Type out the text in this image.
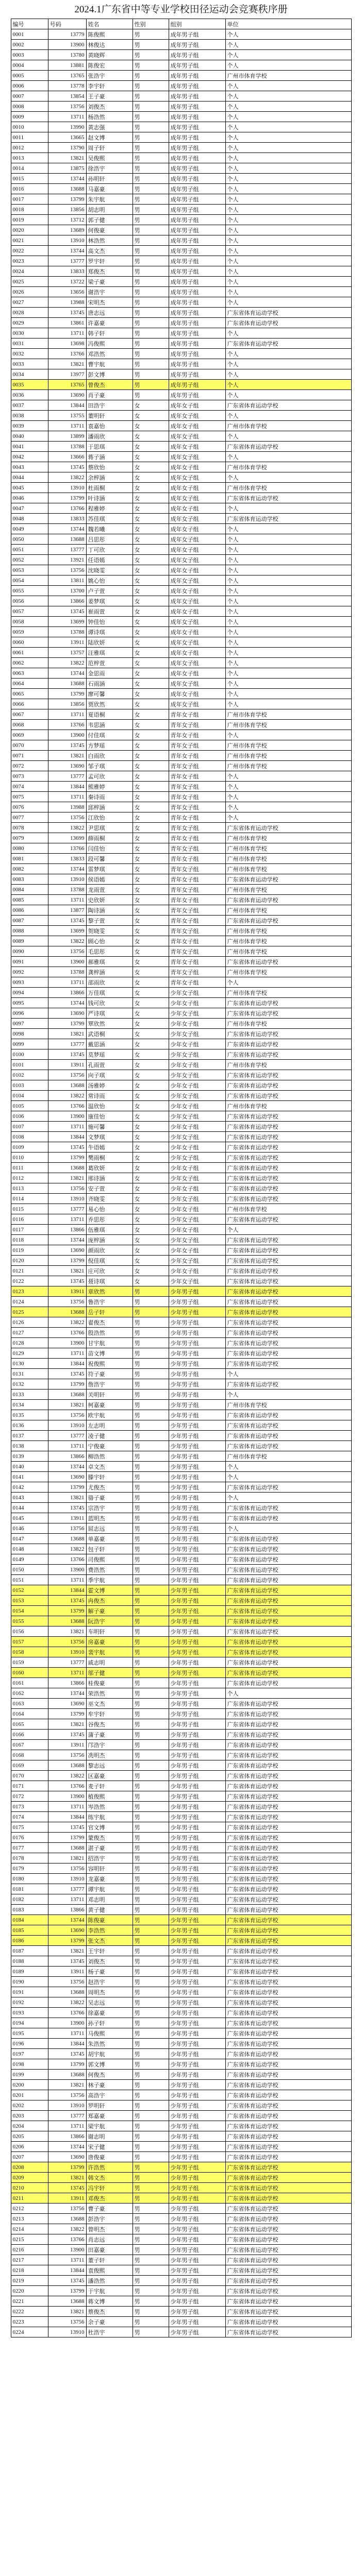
2024.1广东省中等专业学校田径运动会竞赛秩序册
编号	号码	姓名	性别	组别	单位
0001	13779	陈俊熙	男	成年男子组	个人
0002	13900	林俊达	男	成年男子组	个人
0003	13780	黄晓辉	男	成年男子组	个人
0004	13881	陈俊宏	男	成年男子组	个人
0005	13765	张浩宇	男	成年男子组	广州市体育学校
0006	13778	李宇轩	男	成年男子组	个人
0007	13854	王子豪	男	成年男子组	个人
0008	13756	刘俊杰	男	成年男子组	个人
0009	13711	杨浩然	男	成年男子组	个人
0010	13990	黄志强	男	成年男子组	个人
0011	13665	赵文博	男	成年男子组	个人
0012	13790	周子轩	男	成年男子组	个人
0013	13821	吴俊熙	男	成年男子组	个人
0014	13875	徐浩宇	男	成年男子组	个人
0015	13744	孙明轩	男	成年男子组	个人
0016	13688	马嘉豪	男	成年男子组	个人
0017	13799	朱宇航	男	成年男子组	个人
0018	13856	胡志明	男	成年男子组	个人
0019	13712	郭子健	男	成年男子组	个人
0020	13689	何俊豪	男	成年男子组	个人
0021	13910	林浩然	男	成年男子组	个人
0022	13744	高文杰	男	成年男子组	个人
0023	13777	罗宇轩	男	成年男子组	个人
0024	13833	郑俊杰	男	成年男子组	个人
0025	13722	梁子豪	男	成年男子组	个人
0026	13656	谢浩宇	男	成年男子组	个人
0027	13988	宋明杰	男	成年男子组	个人
0028	13745	唐志远	男	成年男子组	广东省体育运动学校
0029	13861	许嘉豪	男	成年男子组	广东省体育运动学校
0030	13711	韩子轩	男	成年男子组	个人
0031	13698	冯俊熙	男	成年男子组	广东省体育运动学校
0032	13766	邓浩然	男	成年男子组	个人
0033	13821	曹宇航	男	成年男子组	个人
0034	13977	彭文博	男	成年男子组	个人
0035	13765	曾俊杰	男	成年男子组	个人
0036	13690	肖子豪	男	成年男子组	个人
0037	13844	田浩宇	女	成年女子组	广东省体育运动学校
0038	13755	董明轩	女	成年女子组	个人
0039	13711	袁嘉怡	女	成年女子组	广州市体育学校
0040	13899	潘雨欣	女	成年女子组	个人
0041	13788	于思琪	女	成年女子组	广东省体育运动学校
0042	13666	蒋子涵	女	成年女子组	个人
0043	13745	蔡欣怡	女	成年女子组	广州市体育学校
0044	13822	余梓涵	女	成年女子组	个人
0045	13910	杜雨桐	女	成年女子组	广州市体育学校
0046	13799	叶诗涵	女	成年女子组	广东省体育运动学校
0047	13766	程雅婷	女	成年女子组	个人
0048	13833	苏佳琪	女	成年女子组	广东省体育运动学校
0049	13744	魏若曦	女	成年女子组	个人
0050	13688	吕思彤	女	成年女子组	个人
0051	13777	丁可欣	女	成年女子组	个人
0052	13921	任语嫣	女	成年女子组	个人
0053	13756	沈晓雯	女	成年女子组	个人
0054	13811	姚心怡	女	成年女子组	个人
0055	13700	卢子萱	女	成年女子组	个人
0056	13866	姜梦琪	女	成年女子组	个人
0057	13745	崔雨萱	女	成年女子组	个人
0058	13699	钟佳怡	女	成年女子组	个人
0059	13788	谭诗琪	女	成年女子组	个人
0060	13911	陆欣妍	女	成年女子组	个人
0061	13757	汪雅琪	女	成年女子组	个人
0062	13822	范梓萱	女	成年女子组	个人
0063	13744	金思雨	女	成年女子组	个人
0064	13688	石雨涵	女	成年女子组	个人
0065	13799	廖可馨	女	成年女子组	个人
0066	13856	贾欣然	女	成年女子组	个人
0067	13711	夏语桐	女	青年女子组	广州市体育学校
0068	13766	韦思涵	女	青年女子组	广州市体育学校
0069	13900	付佳琪	女	青年女子组	个人
0070	13745	方梦瑶	女	青年女子组	广州市体育学校
0071	13821	白雨欣	女	青年女子组	广州市体育学校
0072	13690	邹子琪	女	青年女子组	广州市体育学校
0073	13777	孟可欣	女	青年女子组	个人
0074	13844	熊雅婷	女	青年女子组	个人
0075	13711	秦诗雨	女	青年女子组	个人
0076	13988	邱梓涵	女	青年女子组	个人
0077	13756	江欣怡	女	青年女子组	个人
0078	13822	尹思琪	女	青年女子组	广东省体育运动学校
0079	13699	薛雨桐	女	青年女子组	广州市体育学校
0080	13766	闫佳怡	女	青年女子组	广州市体育学校
0081	13833	段可馨	女	青年女子组	广州市体育学校
0082	13744	雷梦琪	女	青年女子组	广州市体育学校
0083	13910	侯语嫣	女	青年女子组	广东省体育运动学校
0084	13788	龙雨萱	女	青年女子组	广州市体育学校
0085	13711	史欣妍	女	青年女子组	广东省体育运动学校
0086	13877	陶诗涵	女	青年女子组	广州市体育学校
0087	13745	黎子萱	女	青年女子组	广东省体育运动学校
0088	13699	贺晓雯	女	青年女子组	广州市体育学校
0089	13822	顾心怡	女	青年女子组	广州市体育学校
0090	13756	毛思彤	女	青年女子组	广州市体育学校
0091	13900	郝雅琪	女	青年女子组	广东省体育运动学校
0092	13788	龚梓涵	女	青年女子组	广州市体育学校
0093	13711	邵雨欣	女	青年女子组	个人
0094	13866	万佳琪	女	少年女子组	广州市体育学校
0095	13744	钱可欣	女	少年女子组	广东省体育运动学校
0096	13690	严诗琪	女	少年女子组	广东省体育运动学校
0097	13799	覃欣然	女	少年女子组	广州市体育学校
0098	13821	武语桐	女	少年女子组	广东省体育运动学校
0099	13777	戴思涵	女	少年女子组	广东省体育运动学校
0100	13745	莫梦瑶	女	少年女子组	广东省体育运动学校
0101	13911	孔雨萱	女	少年女子组	广州市体育学校
0102	13756	向子琪	女	少年女子组	广东省体育运动学校
0103	13688	汤雅婷	女	少年女子组	广东省体育运动学校
0104	13822	常诗雨	女	少年女子组	广东省体育运动学校
0105	13766	温欣怡	女	少年女子组	广州市体育学校
0106	13900	康佳怡	女	少年女子组	广东省体育运动学校
0107	13711	施可馨	女	少年女子组	广东省体育运动学校
0108	13844	文梦琪	女	少年女子组	广东省体育运动学校
0109	13745	牛语嫣	女	少年女子组	广东省体育运动学校
0110	13799	樊雨桐	女	少年女子组	广东省体育运动学校
0111	13688	葛欣妍	女	少年女子组	广东省体育运动学校
0112	13821	邢诗涵	女	少年女子组	广东省体育运动学校
0113	13756	安子萱	女	少年女子组	广东省体育运动学校
0114	13910	齐晓雯	女	少年女子组	广东省体育运动学校
0115	13777	易心怡	女	少年女子组	广州市体育学校
0116	13711	乔思彤	女	少年女子组	广东省体育运动学校
0117	13866	伍雅琪	女	少年女子组	个人
0118	13744	庞梓涵	女	少年女子组	广东省体育运动学校
0119	13690	颜雨欣	女	少年女子组	广东省体育运动学校
0120	13799	倪佳琪	女	少年女子组	广东省体育运动学校
0121	13821	庄可欣	女	少年女子组	广东省体育运动学校
0122	13745	聂诗琪	女	少年女子组	广东省体育运动学校
0123	13911	章欣然	男	少年男子组	广东省体育运动学校
0124	13756	鲁浩宇	男	少年男子组	广东省体育运动学校
0125	13688	岳子轩	男	少年男子组	广东省体育运动学校
0126	13822	翟俊杰	男	少年男子组	广东省体育运动学校
0127	13766	殷浩然	男	少年男子组	广东省体育运动学校
0128	13900	甘宇航	男	少年男子组	广东省体育运动学校
0129	13711	苗文博	男	少年男子组	广东省体育运动学校
0130	13844	祝俊熙	男	少年男子组	广东省体育运动学校
0131	13745	符子豪	男	少年男子组	个人
0132	13799	詹浩宇	男	少年男子组	广东省体育运动学校
0133	13688	关明轩	男	少年男子组	个人
0134	13821	柯嘉豪	男	少年男子组	广州市体育学校
0135	13756	欧宇航	男	少年男子组	广东省体育运动学校
0136	13910	左志明	男	少年男子组	广东省体育运动学校
0137	13777	凌子健	男	少年男子组	广东省体育运动学校
0138	13711	宁俊豪	男	少年男子组	广东省体育运动学校
0139	13866	柳浩然	男	少年男子组	广州市体育学校
0140	13744	卓文杰	男	少年男子组	个人
0141	13690	滕宇轩	男	少年男子组	个人
0142	13799	尤俊杰	男	少年男子组	广东省体育运动学校
0143	13821	骆子豪	男	少年男子组	个人
0144	13745	宗浩宇	男	少年男子组	广东省体育运动学校
0145	13911	蓝明杰	男	少年男子组	广东省体育运动学校
0146	13756	屈志远	男	少年男子组	个人
0147	13688	单嘉豪	男	少年男子组	广东省体育运动学校
0148	13822	包子轩	男	少年男子组	广东省体育运动学校
0149	13766	司俊熙	男	少年男子组	广东省体育运动学校
0150	13900	费浩然	男	少年男子组	广东省体育运动学校
0151	13711	季宇航	男	少年男子组	广东省体育运动学校
0152	13844	霍文博	男	少年男子组	广东省体育运动学校
0153	13745	冉俊杰	男	少年男子组	广东省体育运动学校
0154	13799	解子豪	男	少年男子组	广东省体育运动学校
0155	13688	阮浩宇	男	少年男子组	广东省体育运动学校
0156	13821	车明轩	男	少年男子组	广东省体育运动学校
0157	13756	房嘉豪	男	少年男子组	广东省体育运动学校
0158	13910	裴宇航	男	少年男子组	广东省体育运动学校
0159	13777	戚志明	男	少年男子组	广东省体育运动学校
0160	13711	邬子健	男	少年男子组	广东省体育运动学校
0161	13866	桂俊豪	男	少年男子组	广东省体育运动学校
0162	13744	荣浩然	男	少年男子组	个人
0163	13690	巫文杰	男	少年男子组	广东省体育运动学校
0164	13799	牟宇轩	男	少年男子组	广东省体育运动学校
0165	13821	谷俊杰	男	少年男子组	广东省体育运动学校
0166	13745	蒲子豪	男	少年男子组	广东省体育运动学校
0167	13911	邝浩宇	男	少年男子组	广东省体育运动学校
0168	13756	冼明杰	男	少年男子组	广东省体育运动学校
0169	13688	黎志远	男	少年男子组	广东省体育运动学校
0170	13822	区嘉豪	男	少年男子组	广东省体育运动学校
0171	13766	麦子轩	男	少年男子组	广东省体育运动学校
0172	13900	植俊熙	男	少年男子组	广东省体育运动学校
0173	13711	岑浩然	男	少年男子组	广东省体育运动学校
0174	13844	练宇航	男	少年男子组	广东省体育运动学校
0175	13745	官文博	男	少年男子组	广东省体育运动学校
0176	13799	蒙俊杰	男	少年男子组	广东省体育运动学校
0177	13688	湛子豪	男	少年男子组	广东省体育运动学校
0178	13821	招浩宇	男	少年男子组	广东省体育运动学校
0179	13756	容明轩	男	少年男子组	广东省体育运动学校
0180	13910	龙嘉豪	男	少年男子组	广东省体育运动学校
0181	13777	谭宇航	男	少年男子组	广东省体育运动学校
0182	13711	邓志明	男	少年男子组	广东省体育运动学校
0183	13866	黄子健	男	少年男子组	广东省体育运动学校
0184	13744	陈俊豪	男	少年男子组	广东省体育运动学校
0185	13690	李浩然	男	少年男子组	广东省体育运动学校
0186	13799	张文杰	男	少年男子组	广东省体育运动学校
0187	13821	王宇轩	男	少年男子组	广东省体育运动学校
0188	13745	刘俊杰	男	少年男子组	广东省体育运动学校
0189	13911	杨子豪	男	少年男子组	广东省体育运动学校
0190	13756	赵浩宇	男	少年男子组	广东省体育运动学校
0191	13688	周明杰	男	少年男子组	广东省体育运动学校
0192	13822	吴志远	男	少年男子组	广东省体育运动学校
0193	13766	徐嘉豪	男	少年男子组	广东省体育运动学校
0194	13900	孙子轩	男	少年男子组	广东省体育运动学校
0195	13711	马俊熙	男	少年男子组	广东省体育运动学校
0196	13844	朱浩然	男	少年男子组	广东省体育运动学校
0197	13745	胡宇航	男	少年男子组	广东省体育运动学校
0198	13799	郭文博	男	少年男子组	广东省体育运动学校
0199	13688	何俊杰	男	少年男子组	广东省体育运动学校
0200	13821	林子豪	男	少年男子组	广东省体育运动学校
0201	13756	高浩宇	男	少年男子组	广东省体育运动学校
0202	13910	罗明轩	男	少年男子组	广东省体育运动学校
0203	13777	郑嘉豪	男	少年男子组	广东省体育运动学校
0204	13711	梁宇航	男	少年男子组	广东省体育运动学校
0205	13866	谢志明	男	少年男子组	广东省体育运动学校
0206	13744	宋子健	男	少年男子组	广东省体育运动学校
0207	13690	唐俊豪	男	少年男子组	广东省体育运动学校
0208	13799	许浩然	男	少年男子组	广东省体育运动学校
0209	13821	韩文杰	男	少年男子组	广东省体育运动学校
0210	13745	冯宇轩	男	少年男子组	广东省体育运动学校
0211	13911	邓俊杰	男	少年男子组	广东省体育运动学校
0212	13756	曹子豪	男	少年男子组	广东省体育运动学校
0213	13688	彭浩宇	男	少年男子组	广东省体育运动学校
0214	13822	曾明杰	男	少年男子组	广东省体育运动学校
0215	13766	肖志远	男	少年男子组	广东省体育运动学校
0216	13900	田嘉豪	男	少年男子组	广东省体育运动学校
0217	13711	董子轩	男	少年男子组	广东省体育运动学校
0218	13844	袁俊熙	男	少年男子组	广东省体育运动学校
0219	13745	潘浩然	男	少年男子组	广东省体育运动学校
0220	13799	于宇航	男	少年男子组	广东省体育运动学校
0221	13688	蒋文博	男	少年男子组	广东省体育运动学校
0222	13821	蔡俊杰	男	少年男子组	广东省体育运动学校
0223	13756	余子豪	男	少年男子组	广东省体育运动学校
0224	13910	杜浩宇	男	少年男子组	广东省体育运动学校
